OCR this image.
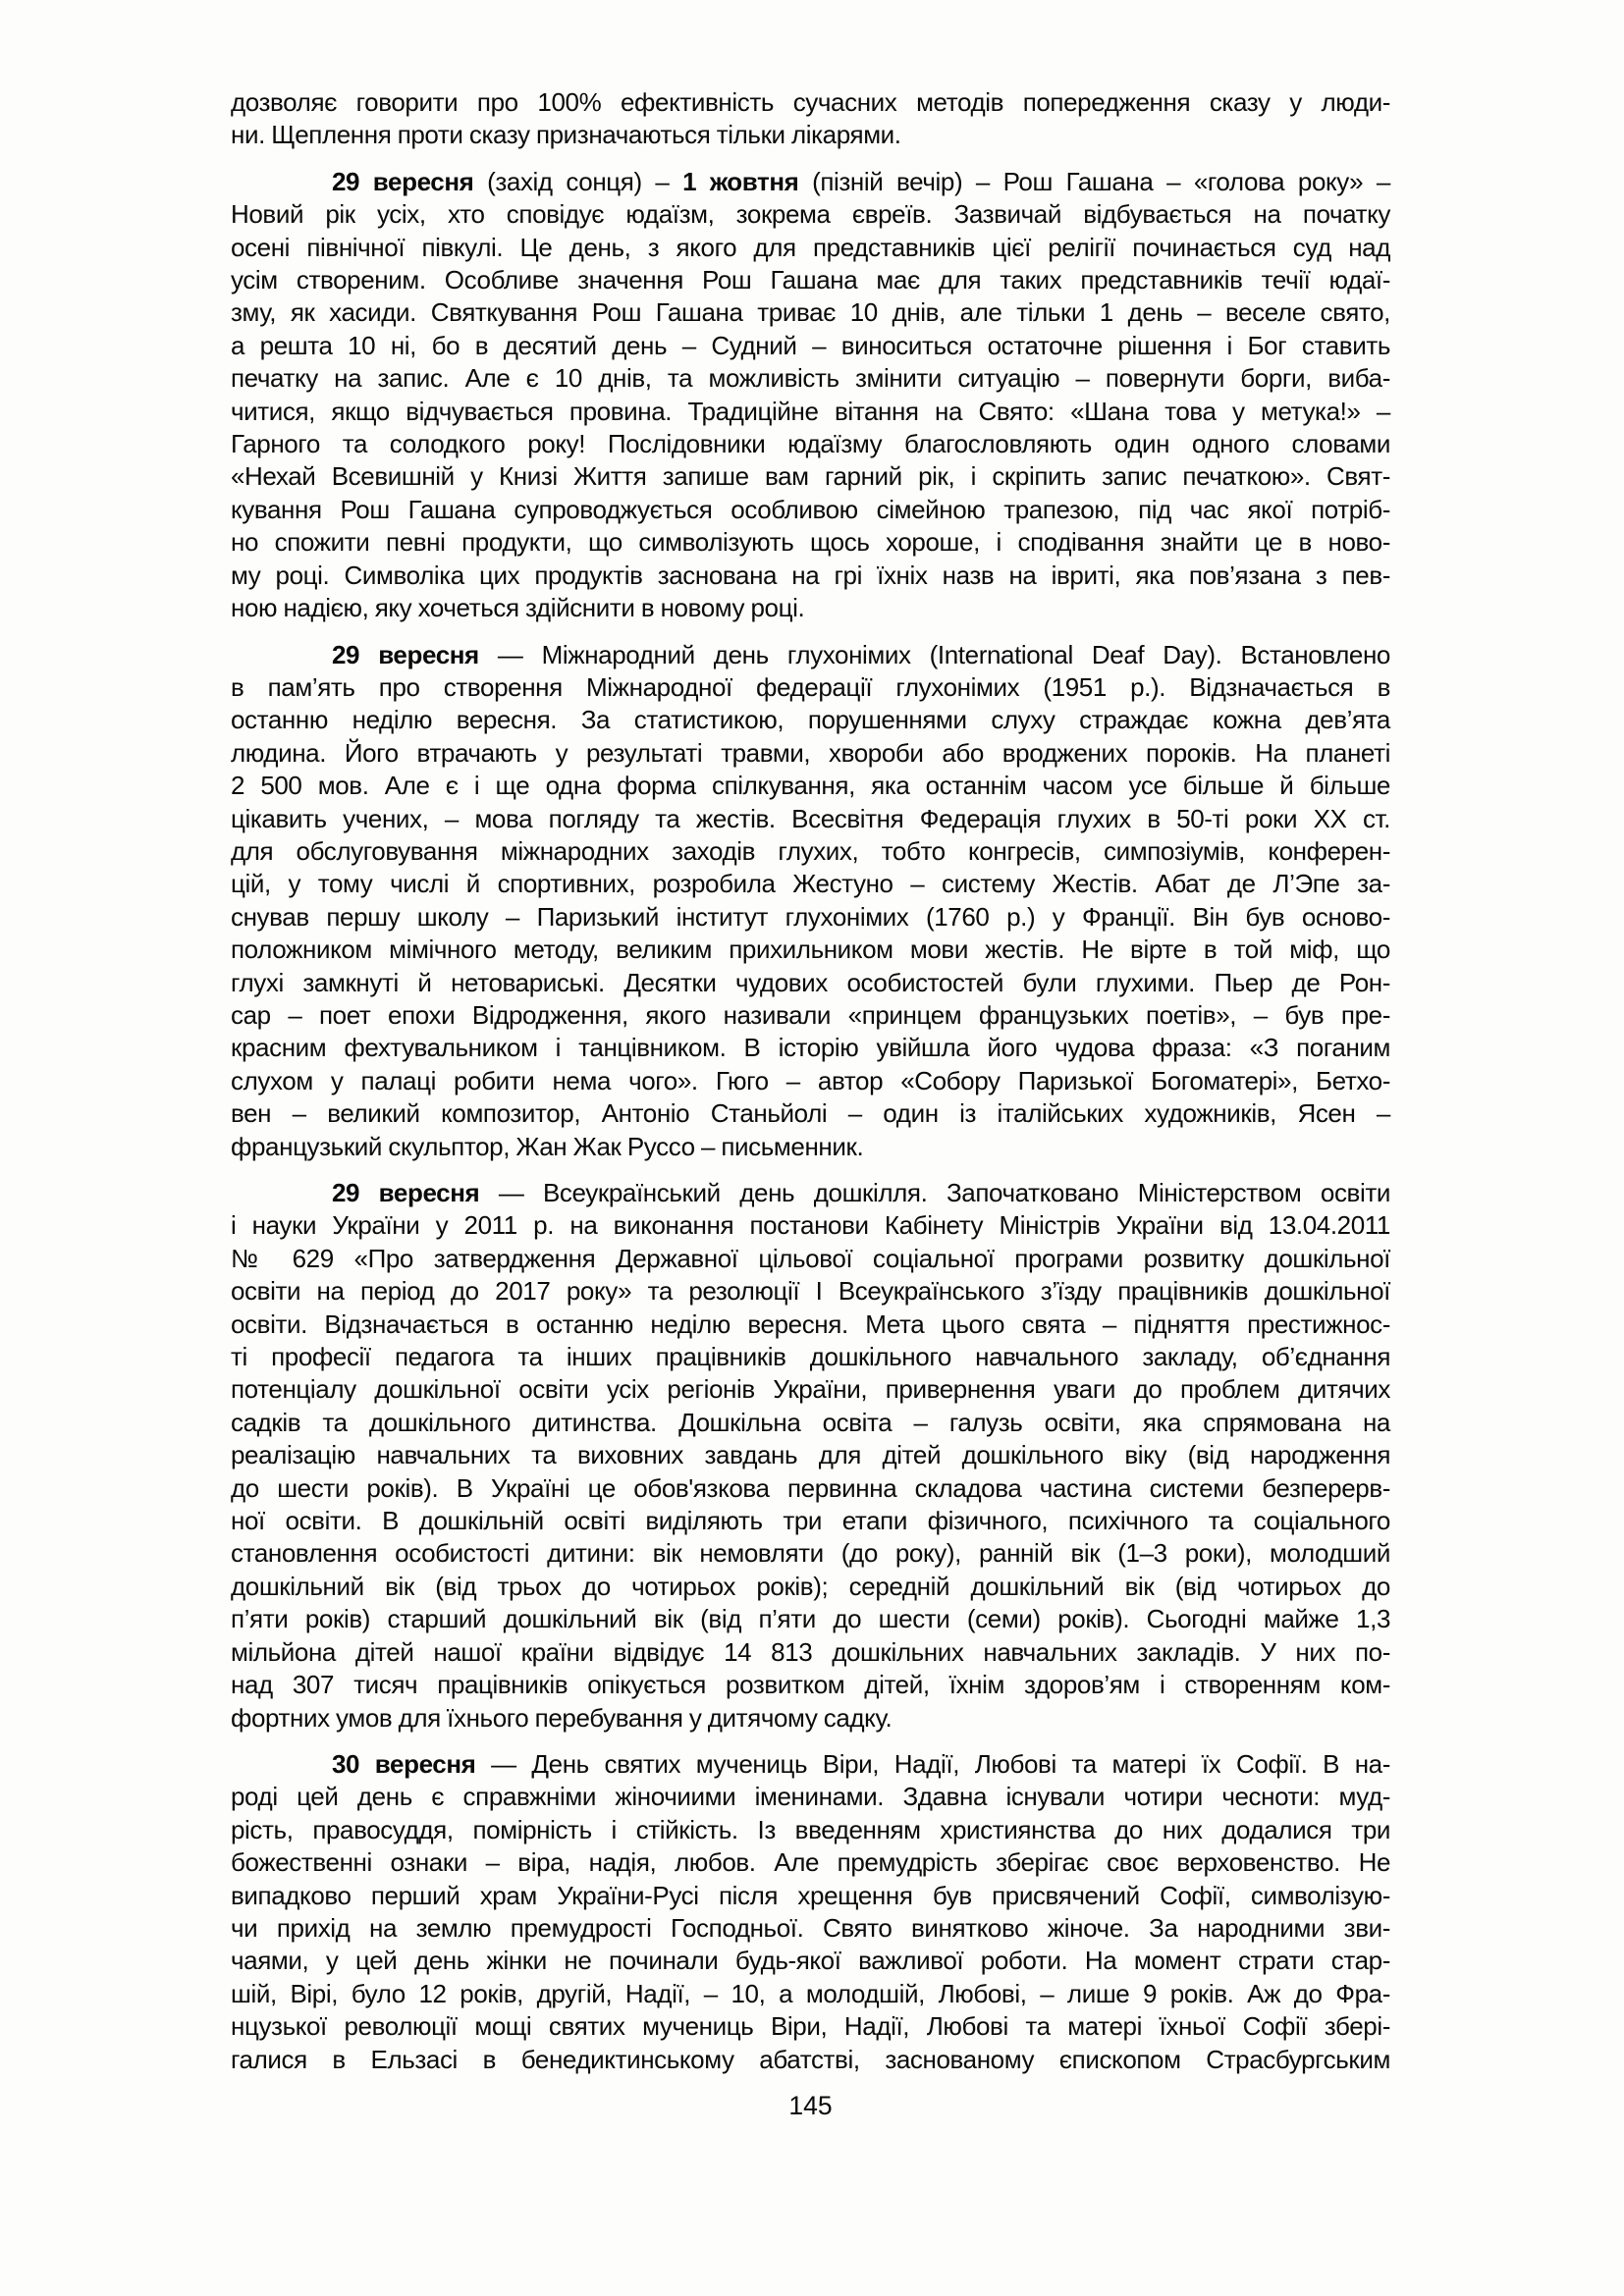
дозволяє говорити про 100% ефективність сучасних методів попередження сказу у люди-
ни. Щеплення проти сказу призначаються тільки лікарями.
29 вересня (захід сонця) – 1 жовтня (пізній вечір) – Рош Гашана – «голова року» –
Новий рік усіх, хто сповідує юдаїзм, зокрема євреїв. Зазвичай відбувається на початку
осені північної півкулі. Це день, з якого для представників цієї релігії починається суд над
усім створеним. Особливе значення Рош Гашана має для таких представників течії юдаї-
зму, як хасиди. Святкування Рош Гашана триває 10 днів, але тільки 1 день – веселе свято,
а решта 10 ні, бо в десятий день – Судний – виноситься остаточне рішення і Бог ставить
печатку на запис. Але є 10 днів, та можливість змінити ситуацію – повернути борги, виба-
читися, якщо відчувається провина. Традиційне вітання на Свято: «Шана това у метука!» –
Гарного та солодкого року! Послідовники юдаїзму благословляють один одного словами
«Нехай Всевишній у Книзі Життя запише вам гарний рік, і скріпить запис печаткою». Свят-
кування Рош Гашана супроводжується особливою сімейною трапезою, під час якої потріб-
но спожити певні продукти, що символізують щось хороше, і сподівання знайти це в ново-
му році. Символіка цих продуктів заснована на грі їхніх назв на івриті, яка пов’язана з пев-
ною надією, яку хочеться здійснити в новому році.
29 вересня — Міжнародний день глухонімих (International Deaf Day). Встановлено
в пам’ять про створення Міжнародної федерації глухонімих (1951 р.). Відзначається в
останню неділю вересня. За статистикою, порушеннями слуху страждає кожна дев’ята
людина. Його втрачають у результаті травми, хвороби або вроджених пороків. На планеті
2 500 мов. Але є і ще одна форма спілкування, яка останнім часом усе більше й більше
цікавить учених, – мова погляду та жестів. Всесвітня Федерація глухих в 50-ті роки ХХ ст.
для обслуговування міжнародних заходів глухих, тобто конгресів, симпозіумів, конферен-
цій, у тому числі й спортивних, розробила Жестуно – систему Жестів. Абат де Л’Эпе за-
снував першу школу – Паризький інститут глухонімих (1760 р.) у Франції. Він був осново-
положником мімічного методу, великим прихильником мови жестів. Не вірте в той міф, що
глухі замкнуті й нетовариські. Десятки чудових особистостей були глухими. Пьер де Рон-
сар – поет епохи Відродження, якого називали «принцем французьких поетів», – був пре-
красним фехтувальником і танцівником. В історію увійшла його чудова фраза: «З поганим
слухом у палаці робити нема чого». Гюго – автор «Собору Паризької Богоматері», Бетхо-
вен – великий композитор, Антоніо Станьйолі – один із італійських художників, Ясен –
французький скульптор, Жан Жак Руссо – письменник.
29 вересня — Всеукраїнський день дошкілля. Започатковано Міністерством освіти
і науки України у 2011 р. на виконання постанови Кабінету Міністрів України від 13.04.2011
№ 629 «Про затвердження Державної цільової соціальної програми розвитку дошкільної
освіти на період до 2017 року» та резолюції І Всеукраїнського з’їзду працівників дошкільної
освіти. Відзначається в останню неділю вересня. Мета цього свята – підняття престижнос-
ті професії педагога та інших працівників дошкільного навчального закладу, об’єднання
потенціалу дошкільної освіти усіх регіонів України, привернення уваги до проблем дитячих
садків та дошкільного дитинства. Дошкільна освіта – галузь освіти, яка спрямована на
реалізацію навчальних та виховних завдань для дітей дошкільного віку (від народження
до шести років). В Україні це обов'язкова первинна складова частина системи безперерв-
ної освіти. В дошкільній освіті виділяють три етапи фізичного, психічного та соціального
становлення особистості дитини: вік немовляти (до року), ранній вік (1–3 роки), молодший
дошкільний вік (від трьох до чотирьох років); середній дошкільний вік (від чотирьох до
п’яти років) старший дошкільний вік (від п’яти до шести (семи) років). Сьогодні майже 1,3
мільйона дітей нашої країни відвідує 14 813 дошкільних навчальних закладів. У них по-
над 307 тисяч працівників опікується розвитком дітей, їхнім здоров’ям і створенням ком-
фортних умов для їхнього перебування у дитячому садку.
30 вересня — День святих мучениць Віри, Надії, Любові та матері їх Софії. В на-
роді цей день є справжніми жіночиими іменинами. Здавна існували чотири чесноти: муд-
рість, правосуддя, помірність і стійкість. Із введенням християнства до них додалися три
божественні ознаки – віра, надія, любов. Але премудрість зберігає своє верховенство. Не
випадково перший храм України-Русі після хрещення був присвячений Софії, символізую-
чи прихід на землю премудрості Господньої. Свято винятково жіноче. За народними зви-
чаями, у цей день жінки не починали будь-якої важливої роботи. На момент страти стар-
шій, Вірі, було 12 років, другій, Надії, – 10, а молодшій, Любові, – лише 9 років. Аж до Фра-
нцузької революції мощі святих мучениць Віри, Надії, Любові та матері їхньої Софії збері-
галися в Ельзасі в бенедиктинському абатстві, заснованому єпископом Страсбургським
145
